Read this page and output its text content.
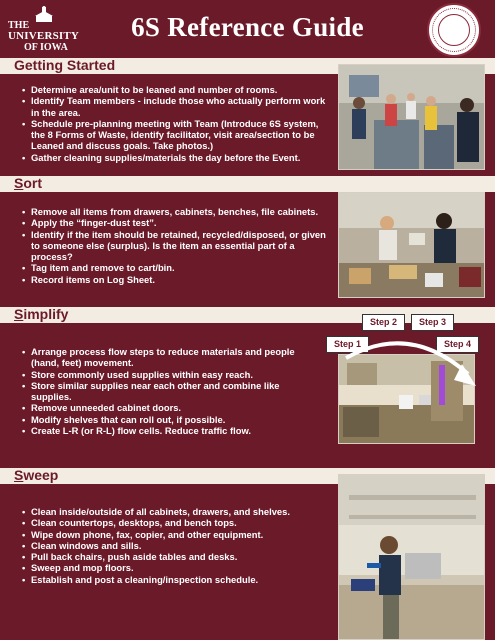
THE
UNIVERSITY
OF IOWA
6S Reference Guide
Getting Started
• Determine area/unit to be leaned and number of rooms.
• Identify Team members - include those who actually perform work in the area.
• Schedule pre-planning meeting with Team (Introduce 6S system, the 8 Forms of Waste, identify facilitator, visit area/section to be Leaned and discuss goals. Take photos.)
• Gather cleaning supplies/materials the day before the Event.
Sort
• Remove all items from drawers, cabinets, benches, file cabinets.
• Apply the “finger-dust test”.
• Identify if the item should be retained, recycled/disposed, or given to someone else (surplus). Is the item an essential part of a process?
• Tag item and remove to cart/bin.
• Record items on Log Sheet.
Simplify
• Arrange process flow steps to reduce materials and people (hand, feet) movement.
• Store commonly used supplies within easy reach.
• Store similar supplies near each other and combine like supplies.
• Remove unneeded cabinet doors.
• Modify shelves that can roll out, if possible.
• Create L-R (or R-L) flow cells. Reduce traffic flow.
Step 2	Step 3
Step 1	Step 4
Sweep
• Clean inside/outside of all cabinets, drawers, and shelves.
• Clean countertops, desktops, and bench tops.
• Wipe down phone, fax, copier, and other equipment.
• Clean windows and sills.
• Pull back chairs, push aside tables and desks.
• Sweep and mop floors.
• Establish and post a cleaning/inspection schedule.
